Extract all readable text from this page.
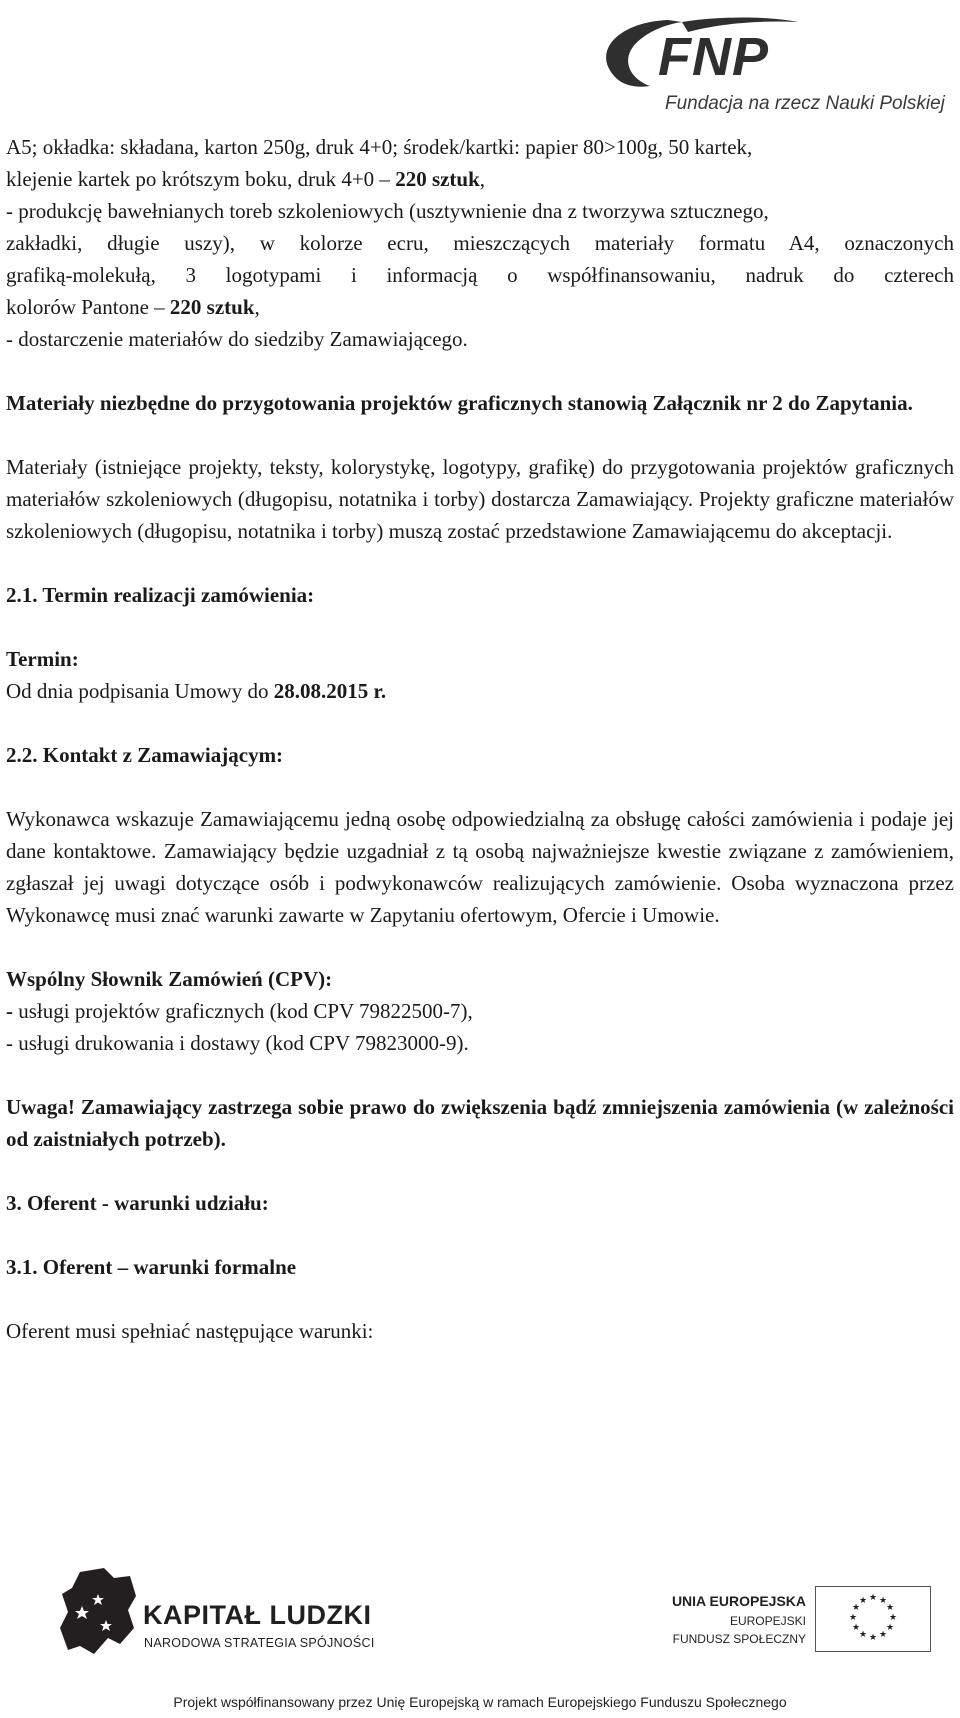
FNP
Fundacja na rzecz Nauki Polskiej

A5; okładka: składana, karton 250g, druk 4+0; środek/kartki: papier 80>100g, 50 kartek,

klejenie kartek po krótszym boku, druk 4+0 – 220 sztuk,

- produkcję bawełnianych toreb szkoleniowych (usztywnienie dna z tworzywa sztucznego,

zakładki, długie uszy), w kolorze ecru, mieszczących materiały formatu A4, oznaczonych

grafiką-molekułą, 3 logotypami i informacją o współfinansowaniu, nadruk do czterech

kolorów Pantone – 220 sztuk,

- dostarczenie materiałów do siedziby Zamawiającego.

Materiały niezbędne do przygotowania projektów graficznych stanowią Załącznik nr 2 do Zapytania.

Materiały (istniejące projekty, teksty, kolorystykę, logotypy, grafikę) do przygotowania projektów graficznych materiałów szkoleniowych (długopisu, notatnika i torby) dostarcza Zamawiający. Projekty graficzne materiałów szkoleniowych (długopisu, notatnika i torby) muszą zostać przedstawione Zamawiającemu do akceptacji.

2.1. Termin realizacji zamówienia:

Termin:

Od dnia podpisania Umowy do 28.08.2015 r.

2.2. Kontakt z Zamawiającym:

Wykonawca wskazuje Zamawiającemu jedną osobę odpowiedzialną za obsługę całości zamówienia i podaje jej dane kontaktowe. Zamawiający będzie uzgadniał z tą osobą najważniejsze kwestie związane z zamówieniem, zgłaszał jej uwagi dotyczące osób i podwykonawców realizujących zamówienie. Osoba wyznaczona przez Wykonawcę musi znać warunki zawarte w Zapytaniu ofertowym, Ofercie i Umowie.

Wspólny Słownik Zamówień (CPV):

- usługi projektów graficznych (kod CPV 79822500-7),

- usługi drukowania i dostawy (kod CPV 79823000-9).

Uwaga! Zamawiający zastrzega sobie prawo do zwiększenia bądź zmniejszenia zamówienia (w zależności od zaistniałych potrzeb).

3. Oferent - warunki udziału:

3.1. Oferent – warunki formalne

Oferent musi spełniać następujące warunki:

KAPITAŁ LUDZKI
NARODOWA STRATEGIA SPÓJNOŚCI
UNIA EUROPEJSKA
EUROPEJSKI
FUNDUSZ SPOŁECZNY
★ ★
★
★
★
★
★
★
★
★
★
★
Projekt współfinansowany przez Unię Europejską w ramach Europejskiego Funduszu Społecznego
